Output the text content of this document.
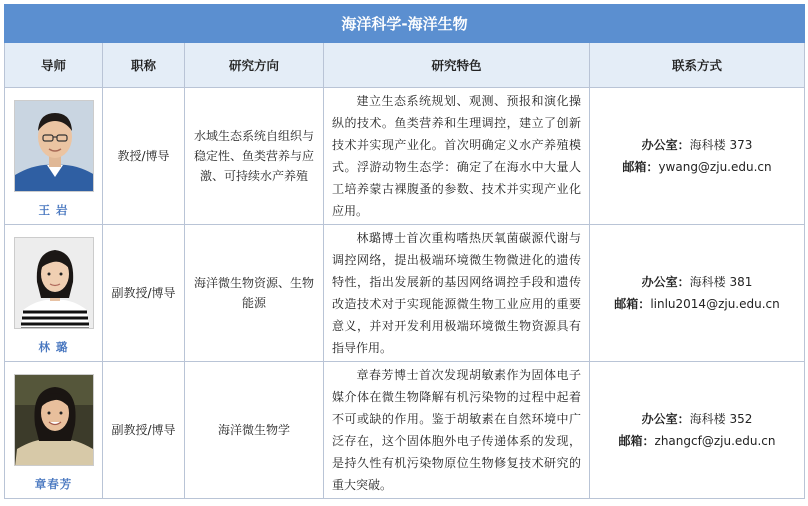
海洋科学-海洋生物				
导师	职称	研究方向	研究特色	联系方式

王 岩	教授/博导	水域生态系统自组织与稳定性、鱼类营养与应激、可持续水产养殖	建立生态系统规划、观测、预报和演化操纵的技术。鱼类营养和生理调控，建立了创新技术并实现产业化。首次明确定义水产养殖模式。浮游动物生态学：确定了在海水中大量人工培养蒙古裸腹蚤的参数、技术并实现产业化应用。	办公室：海科楼 373
邮箱：ywang@zju.edu.cn

林 璐	副教授/博导	海洋微生物资源、生物能源	林璐博士首次重构嗜热厌氧菌碳源代谢与调控网络，提出极端环境微生物微进化的遗传特性，指出发展新的基因网络调控手段和遗传改造技术对于实现能源微生物工业应用的重要意义，并对开发利用极端环境微生物资源具有指导作用。	办公室：海科楼 381
邮箱：linlu2014@zju.edu.cn

章春芳	副教授/博导	海洋微生物学	章春芳博士首次发现胡敏素作为固体电子媒介体在微生物降解有机污染物的过程中起着不可或缺的作用。鉴于胡敏素在自然环境中广泛存在，这个固体胞外电子传递体系的发现，是持久性有机污染物原位生物修复技术研究的重大突破。	办公室：海科楼 352
邮箱：zhangcf@zju.edu.cn
